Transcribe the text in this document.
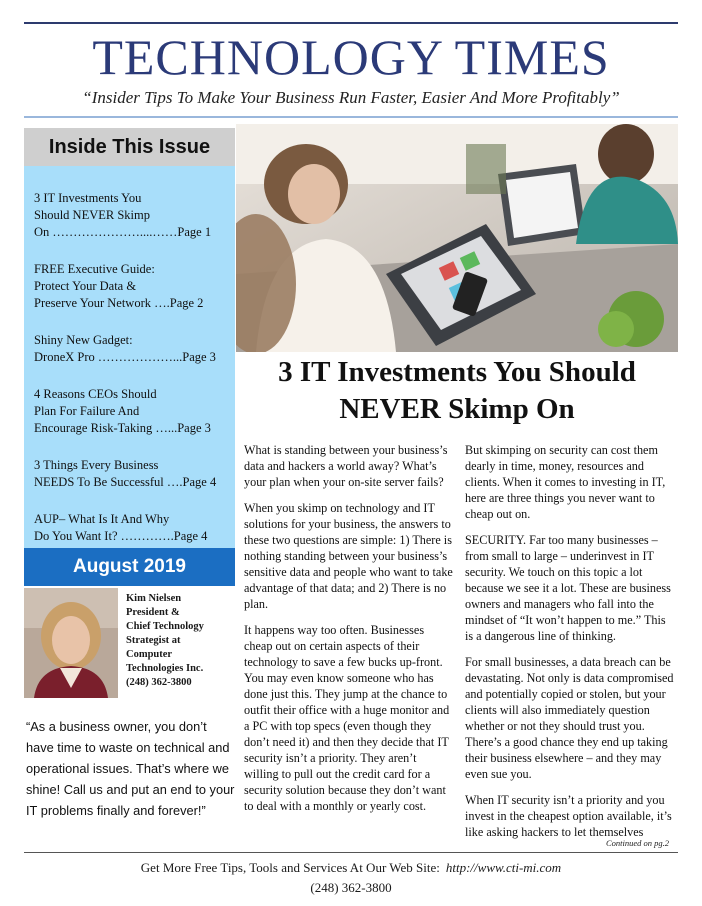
TECHNOLOGY TIMES
“Insider Tips To Make Your Business Run Faster, Easier And More Profitably”
Inside This Issue
3 IT Investments You
Should NEVER Skimp
On …………………....……Page 1
FREE Executive Guide:
Protect Your Data &
Preserve Your Network ….Page 2
Shiny New Gadget:
DroneX Pro ………………...Page 3
4 Reasons CEOs Should
Plan For Failure And
Encourage Risk-Taking …...Page 3
3 Things Every Business
NEEDS To Be Successful ….Page 4
AUP– What Is It And Why
Do You Want It? ………….Page 4
August 2019
Kim Nielsen
President &
Chief Technology
Strategist at
Computer
Technologies Inc.
(248) 362-3800
“As a business owner, you don’t have time to waste on technical and operational issues. That’s where we shine! Call us and put an end to your IT problems finally and forever!”
3 IT Investments You Should NEVER Skimp On

What is standing between your business’s data and hackers a world away? What’s your plan when your on-site server fails?

When you skimp on technology and IT solutions for your business, the answers to these two questions are simple: 1) There is nothing standing between your business’s sensitive data and people who want to take advantage of that data; and 2) There is no plan.

It happens way too often. Businesses cheap out on certain aspects of their technology to save a few bucks up-front. You may even know someone who has done just this. They jump at the chance to outfit their office with a huge monitor and a PC with top specs (even though they don’t need it) and then they decide that IT security isn’t a priority. They aren’t willing to pull out the credit card for a security solution because they don’t want to deal with a monthly or yearly cost.

But skimping on security can cost them dearly in time, money, resources and clients. When it comes to investing in IT, here are three things you never want to cheap out on.

SECURITY. Far too many businesses – from small to large – underinvest in IT security. We touch on this topic a lot because we see it a lot. These are business owners and managers who fall into the mindset of “It won’t happen to me.” This is a dangerous line of thinking.

For small businesses, a data breach can be devastating. Not only is data compromised and potentially copied or stolen, but your clients will also immediately question whether or not they should trust you. There’s a good chance they end up taking their business elsewhere – and they may even sue you.

When IT security isn’t a priority and you invest in the cheapest option available, it’s like asking hackers to let themselves

Continued on pg.2
Get More Free Tips, Tools and Services At Our Web Site: http://www.cti-mi.com
(248) 362-3800
